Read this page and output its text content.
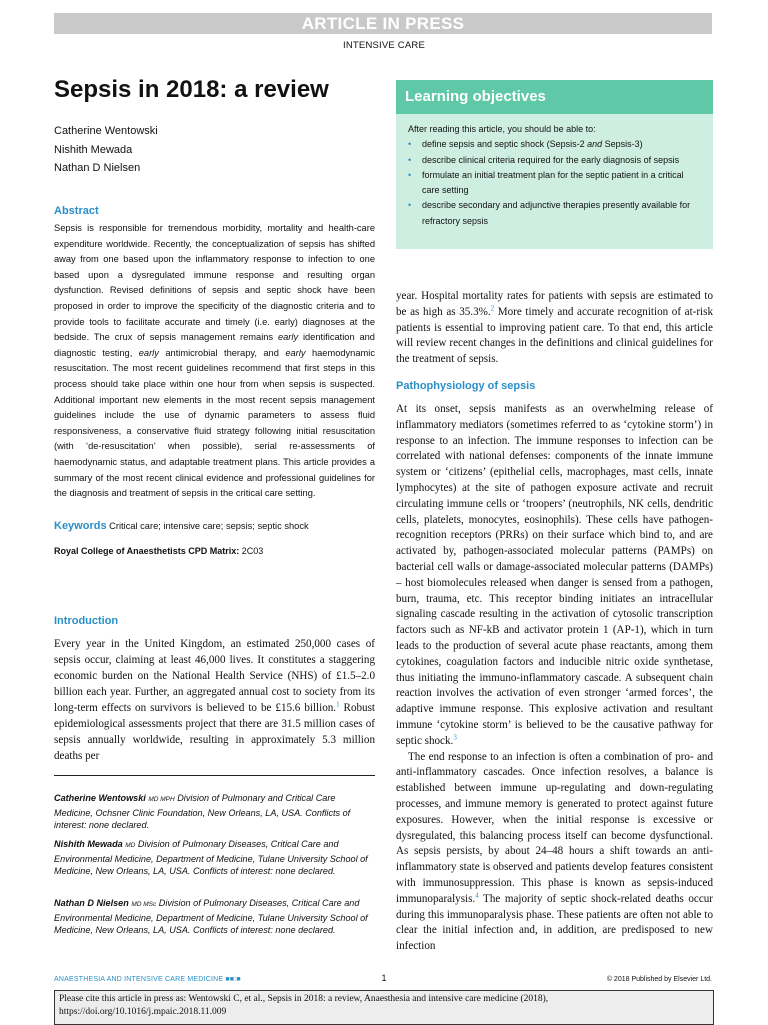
ARTICLE IN PRESS
INTENSIVE CARE
Sepsis in 2018: a review
Catherine Wentowski
Nishith Mewada
Nathan D Nielsen
Abstract
Sepsis is responsible for tremendous morbidity, mortality and health-care expenditure worldwide. Recently, the conceptualization of sepsis has shifted away from one based upon the inflammatory response to infection to one based upon a dysregulated immune response and resulting organ dysfunction. Revised definitions of sepsis and septic shock have been proposed in order to improve the specificity of the diagnostic criteria and to provide tools to facilitate accurate and timely (i.e. early) diagnoses at the bedside. The crux of sepsis management remains early identification and diagnostic testing, early antimicrobial therapy, and early haemodynamic resuscitation. The most recent guidelines recommend that first steps in this process should take place within one hour from when sepsis is suspected. Additional important new elements in the most recent sepsis management guidelines include the use of dynamic parameters to assess fluid responsiveness, a conservative fluid strategy following initial resuscitation (with ‘de-resuscitation’ when possible), serial re-assessments of haemodynamic status, and adaptable treatment plans. This article provides a summary of the most recent clinical evidence and professional guidelines for the diagnosis and treatment of sepsis in the critical care setting.
Keywords Critical care; intensive care; sepsis; septic shock
Royal College of Anaesthetists CPD Matrix: 2C03
Introduction
Every year in the United Kingdom, an estimated 250,000 cases of sepsis occur, claiming at least 46,000 lives. It constitutes a staggering economic burden on the National Health Service (NHS) of £1.5–2.0 billion each year. Further, an aggregated annual cost to society from its long-term effects on survivors is believed to be £15.6 billion.$^1$ Robust epidemiological assessments project that there are 31.5 million cases of sepsis annually worldwide, resulting in approximately 5.3 million deaths per
Catherine Wentowski MD MPH Division of Pulmonary and Critical Care Medicine, Ochsner Clinic Foundation, New Orleans, LA, USA. Conflicts of interest: none declared.
Nishith Mewada MD Division of Pulmonary Diseases, Critical Care and Environmental Medicine, Department of Medicine, Tulane University School of Medicine, New Orleans, LA, USA. Conflicts of interest: none declared.
Nathan D Nielsen MD MSc Division of Pulmonary Diseases, Critical Care and Environmental Medicine, Department of Medicine, Tulane University School of Medicine, New Orleans, LA, USA. Conflicts of interest: none declared.
Learning objectives
After reading this article, you should be able to:
• define sepsis and septic shock (Sepsis-2 and Sepsis-3)
• describe clinical criteria required for the early diagnosis of sepsis
• formulate an initial treatment plan for the septic patient in a critical care setting
• describe secondary and adjunctive therapies presently available for refractory sepsis
year. Hospital mortality rates for patients with sepsis are estimated to be as high as 35.3%.$^2$ More timely and accurate recognition of at-risk patients is essential to improving patient care. To that end, this article will review recent changes in the definitions and clinical guidelines for the treatment of sepsis.
Pathophysiology of sepsis

At its onset, sepsis manifests as an overwhelming release of inflammatory mediators (sometimes referred to as ‘cytokine storm’) in response to an infection. The immune responses to infection can be correlated with national defenses: components of the innate immune system or ‘citizens’ (epithelial cells, macrophages, mast cells, innate lymphocytes) at the site of pathogen exposure activate and recruit circulating immune cells or ‘troopers’ (neutrophils, NK cells, dendritic cells, platelets, monocytes, eosinophils). These cells have pathogen-recognition receptors (PRRs) on their surface which bind to, and are activated by, pathogen-associated molecular patterns (PAMPs) on bacterial cell walls or damage-associated molecular patterns (DAMPs) – host biomolecules released when danger is sensed from a pathogen, burn, trauma, etc. This receptor binding initiates an intracellular signaling cascade resulting in the activation of cytosolic transcription factors such as NF-kB and activator protein 1 (AP-1), which in turn leads to the production of several acute phase reactants, among them cytokines, coagulation factors and inducible nitric oxide synthetase, thus initiating the immuno-inflammatory cascade. A subsequent chain reaction involves the activation of even stronger ‘armed forces’, the adaptive immune response. This explosive activation and resultant immune ‘cytokine storm’ is believed to be the causative pathway for septic shock.$^3$

The end response to an infection is often a combination of pro- and anti-inflammatory cascades. Once infection resolves, a balance is established between immune up-regulating and down-regulating processes, and immune memory is generated to protect against future exposures. However, when the initial response is excessive or dysregulated, this balancing process itself can become dysfunctional. As sepsis persists, by about 24–48 hours a shift towards an anti-inflammatory state is observed and patients develop features consistent with immunosuppression. This phase is known as sepsis-induced immunoparalysis.$^4$ The majority of septic shock-related deaths occur during this immunoparalysis phase. These patients are often not able to clear the initial infection and, in addition, are predisposed to new infection

ANAESTHESIA AND INTENSIVE CARE MEDICINE ■■:■	1	© 2018 Published by Elsevier Ltd.
Please cite this article in press as: Wentowski C, et al., Sepsis in 2018: a review, Anaesthesia and intensive care medicine (2018), https://doi.org/10.1016/j.mpaic.2018.11.009
